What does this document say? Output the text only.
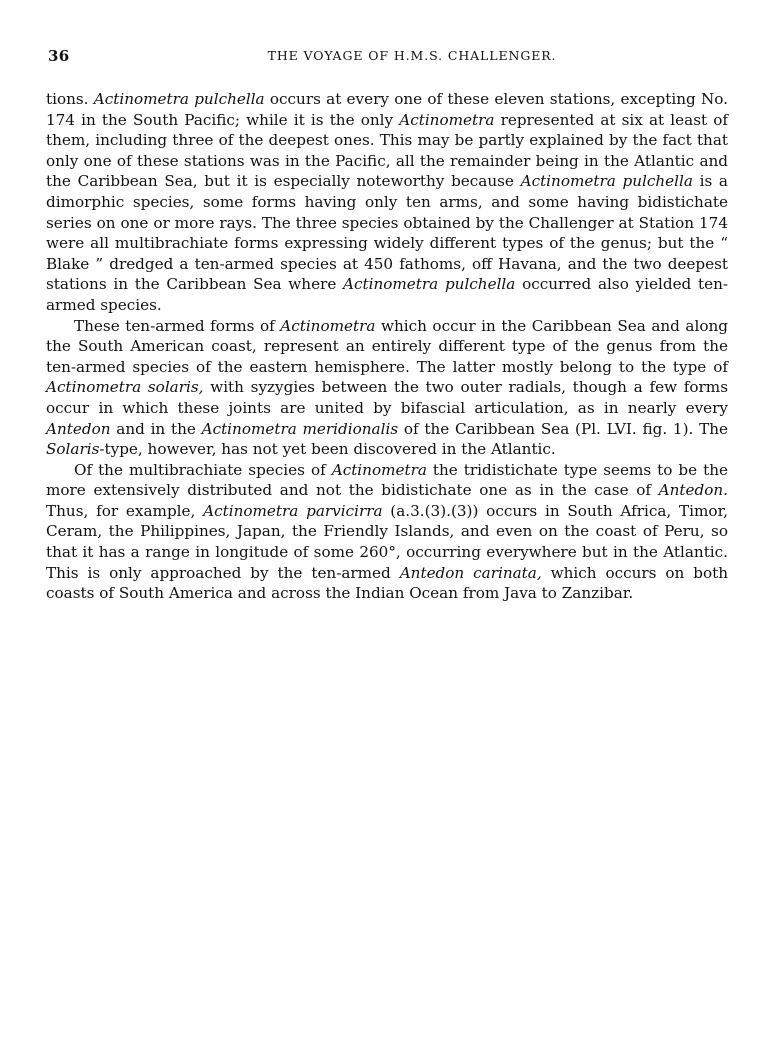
36	THE VOYAGE OF H.M.S. CHALLENGER.

tions. Actinometra pulchella occurs at every one of these eleven stations, excepting No. 174 in the South Pacific; while it is the only Actinometra represented at six at least of them, including three of the deepest ones. This may be partly explained by the fact that only one of these stations was in the Pacific, all the remainder being in the Atlantic and the Caribbean Sea, but it is especially noteworthy because Actinometra pulchella is a dimorphic species, some forms having only ten arms, and some having bidistichate series on one or more rays. The three species obtained by the Challenger at Station 174 were all multibrachiate forms expressing widely different types of the genus; but the “ Blake ” dredged a ten-armed species at 450 fathoms, off Havana, and the two deepest stations in the Caribbean Sea where Actinometra pulchella occurred also yielded ten-armed species.

These ten-armed forms of Actinometra which occur in the Caribbean Sea and along the South American coast, represent an entirely different type of the genus from the ten-armed species of the eastern hemisphere. The latter mostly belong to the type of Actinometra solaris, with syzygies between the two outer radials, though a few forms occur in which these joints are united by bifascial articulation, as in nearly every Antedon and in the Actinometra meridionalis of the Caribbean Sea (Pl. LVI. fig. 1). The Solaris-type, however, has not yet been discovered in the Atlantic.

Of the multibrachiate species of Actinometra the tridistichate type seems to be the more extensively distributed and not the bidistichate one as in the case of Antedon. Thus, for example, Actinometra parvicirra (a.3.(3).(3)) occurs in South Africa, Timor, Ceram, the Philippines, Japan, the Friendly Islands, and even on the coast of Peru, so that it has a range in longitude of some 260°, occurring everywhere but in the Atlantic. This is only approached by the ten-armed Antedon carinata, which occurs on both coasts of South America and across the Indian Ocean from Java to Zanzibar.
